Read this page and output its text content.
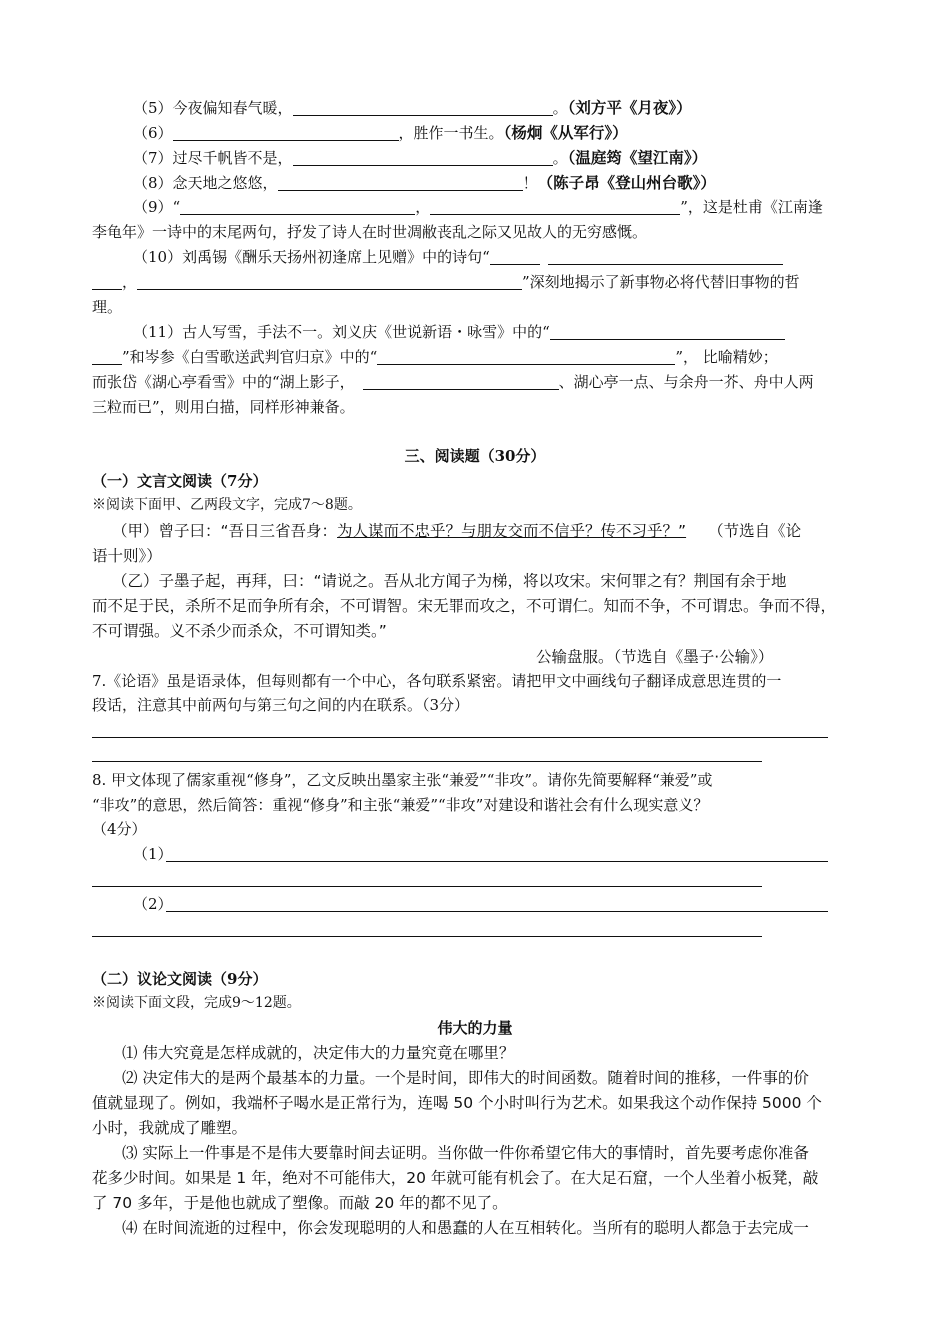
（5）今夜偏知春气暖，	。（刘方平《月夜》）
（6）	，胜作一书生。（杨炯《从军行》）
（7）过尽千帆皆不是，	。（温庭筠《望江南》）
（8）念天地之悠悠，	！（陈子昂《登山州台歌》）
（9）“	，	”，这是杜甫《江南逢
李龟年》一诗中的末尾两句，抒发了诗人在时世凋敝丧乱之际又见故人的无穷感慨。
（10）刘禹锡《酬乐天扬州初逢席上见赠》中的诗句“
，	”深刻地揭示了新事物必将代替旧事物的哲
理。
（11）古人写雪，手法不一。刘义庆《世说新语・咏雪》中的“
”和岑参《白雪歌送武判官归京》中的“	”， 比喻精妙；
而张岱《湖心亭看雪》中的“湖上影子，	、湖心亭一点、与余舟一芥、舟中人两
三粒而已”，则用白描，同样形神兼备。
三、阅读题（30分）
（一）文言文阅读（7分）
※阅读下面甲、乙两段文字，完成7～8题。
（甲）曾子曰：“吾日三省吾身：为人谋而不忠乎？与朋友交而不信乎？传不习乎？” （节选自《论
语十则》）
（乙）子墨子起，再拜，曰：“请说之。吾从北方闻子为梯，将以攻宋。宋何罪之有？荆国有余于地
而不足于民，杀所不足而争所有余，不可谓智。宋无罪而攻之，不可谓仁。知而不争，不可谓忠。争而不得，
不可谓强。义不杀少而杀众，不可谓知类。”
公输盘服。（节选自《墨子·公输》）
7.《论语》虽是语录体，但每则都有一个中心，各句联系紧密。请把甲文中画线句子翻译成意思连贯的一
段话，注意其中前两句与第三句之间的内在联系。（3分）
8. 甲文体现了儒家重视“修身”，乙文反映出墨家主张“兼爱”“非攻”。请你先简要解释“兼爱”或
“非攻”的意思，然后简答：重视“修身”和主张“兼爱”“非攻”对建设和谐社会有什么现实意义？
（4分）
（1）
（2）
（二）议论文阅读（9分）
※阅读下面文段，完成9～12题。
伟大的力量
⑴ 伟大究竟是怎样成就的，决定伟大的力量究竟在哪里？
⑵ 决定伟大的是两个最基本的力量。一个是时间，即伟大的时间函数。随着时间的推移，一件事的价
值就显现了。例如，我端杯子喝水是正常行为，连喝 50 个小时叫行为艺术。如果我这个动作保持 5000 个
小时，我就成了雕塑。
⑶ 实际上一件事是不是伟大要靠时间去证明。当你做一件你希望它伟大的事情时，首先要考虑你准备
花多少时间。如果是 1 年，绝对不可能伟大，20 年就可能有机会了。在大足石窟，一个人坐着小板凳，敲
了 70 多年，于是他也就成了塑像。而敲 20 年的都不见了。
⑷ 在时间流逝的过程中，你会发现聪明的人和愚蠢的人在互相转化。当所有的聪明人都急于去完成一
